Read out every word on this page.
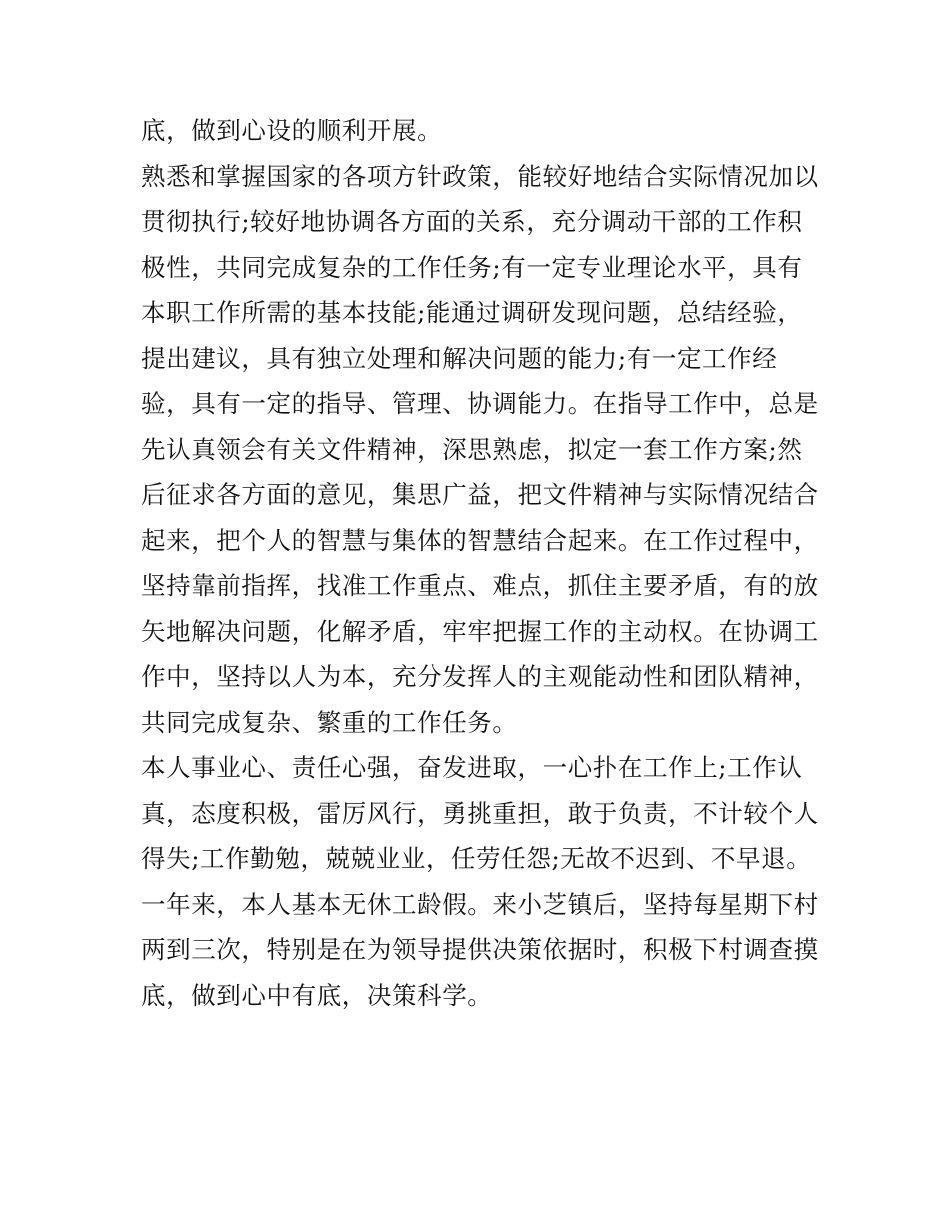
底，做到心设的顺利开展。
熟悉和掌握国家的各项方针政策，能较好地结合实际情况加以
贯彻执行;较好地协调各方面的关系，充分调动干部的工作积
极性，共同完成复杂的工作任务;有一定专业理论水平，具有
本职工作所需的基本技能;能通过调研发现问题，总结经验，
提出建议，具有独立处理和解决问题的能力;有一定工作经
验，具有一定的指导、管理、协调能力。在指导工作中，总是
先认真领会有关文件精神，深思熟虑，拟定一套工作方案;然
后征求各方面的意见，集思广益，把文件精神与实际情况结合
起来，把个人的智慧与集体的智慧结合起来。在工作过程中，
坚持靠前指挥，找准工作重点、难点，抓住主要矛盾，有的放
矢地解决问题，化解矛盾，牢牢把握工作的主动权。在协调工
作中，坚持以人为本，充分发挥人的主观能动性和团队精神，
共同完成复杂、繁重的工作任务。
本人事业心、责任心强，奋发进取，一心扑在工作上;工作认
真，态度积极，雷厉风行，勇挑重担，敢于负责，不计较个人
得失;工作勤勉，兢兢业业，任劳任怨;无故不迟到、不早退。
一年来，本人基本无休工龄假。来小芝镇后，坚持每星期下村
两到三次，特别是在为领导提供决策依据时，积极下村调查摸
底，做到心中有底，决策科学。
